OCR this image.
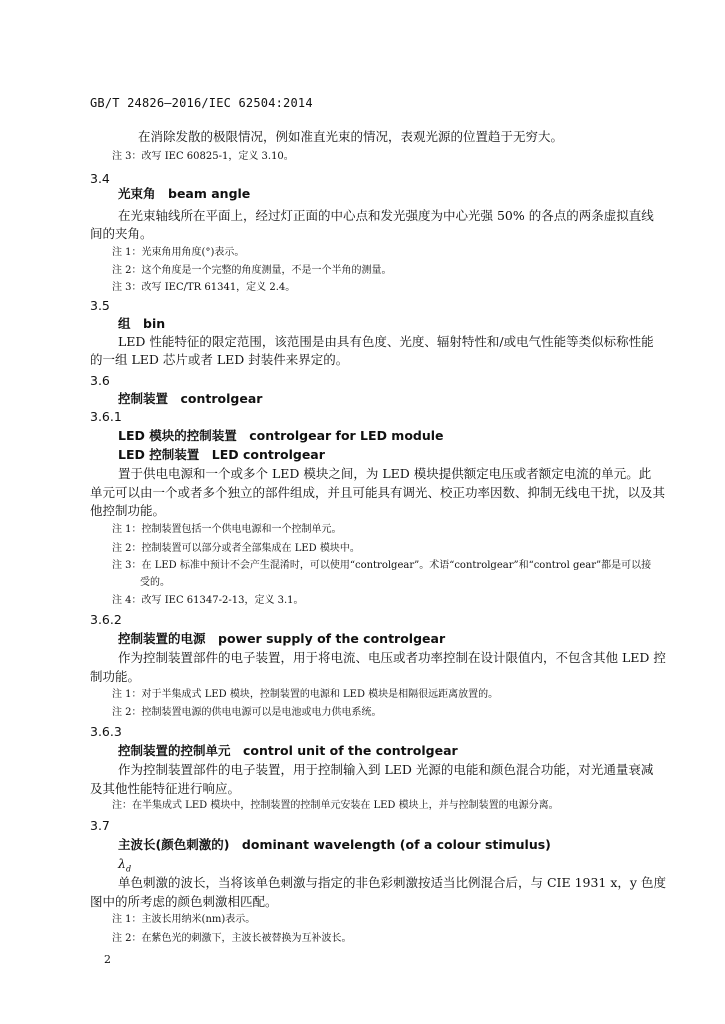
GB/T 24826—2016/IEC 62504:2014
在消除发散的极限情况，例如准直光束的情况，表观光源的位置趋于无穷大。
注 3：改写 IEC 60825-1，定义 3.10。
3.4
光束角　beam angle
在光束轴线所在平面上，经过灯正面的中心点和发光强度为中心光强 50% 的各点的两条虚拟直线
间的夹角。
注 1：光束角用角度(°)表示。
注 2：这个角度是一个完整的角度测量，不是一个半角的测量。
注 3：改写 IEC/TR 61341，定义 2.4。
3.5
组　bin
LED 性能特征的限定范围，该范围是由具有色度、光度、辐射特性和/或电气性能等类似标称性能
的一组 LED 芯片或者 LED 封装件来界定的。
3.6
控制装置　controlgear
3.6.1
LED 模块的控制装置　controlgear for LED module
LED 控制装置　LED controlgear
置于供电电源和一个或多个 LED 模块之间，为 LED 模块提供额定电压或者额定电流的单元。此
单元可以由一个或者多个独立的部件组成，并且可能具有调光、校正功率因数、抑制无线电干扰，以及其
他控制功能。
注 1：控制装置包括一个供电电源和一个控制单元。
注 2：控制装置可以部分或者全部集成在 LED 模块中。
注 3：在 LED 标准中预计不会产生混淆时，可以使用“controlgear”。术语“controlgear”和“control gear”都是可以接
受的。
注 4：改写 IEC 61347-2-13，定义 3.1。
3.6.2
控制装置的电源　power supply of the controlgear
作为控制装置部件的电子装置，用于将电流、电压或者功率控制在设计限值内，不包含其他 LED 控
制功能。
注 1：对于半集成式 LED 模块，控制装置的电源和 LED 模块是相隔很远距离放置的。
注 2：控制装置电源的供电电源可以是电池或电力供电系统。
3.6.3
控制装置的控制单元　control unit of the controlgear
作为控制装置部件的电子装置，用于控制输入到 LED 光源的电能和颜色混合功能，对光通量衰减
及其他性能特征进行响应。
注：在半集成式 LED 模块中，控制装置的控制单元安装在 LED 模块上，并与控制装置的电源分离。
3.7
主波长(颜色刺激的)　dominant wavelength (of a colour stimulus)
$\lambda_d$
单色刺激的波长，当将该单色刺激与指定的非色彩刺激按适当比例混合后，与 CIE 1931 x，y 色度
图中的所考虑的颜色刺激相匹配。
注 1：主波长用纳米(nm)表示。
注 2：在紫色光的刺激下，主波长被替换为互补波长。
2
